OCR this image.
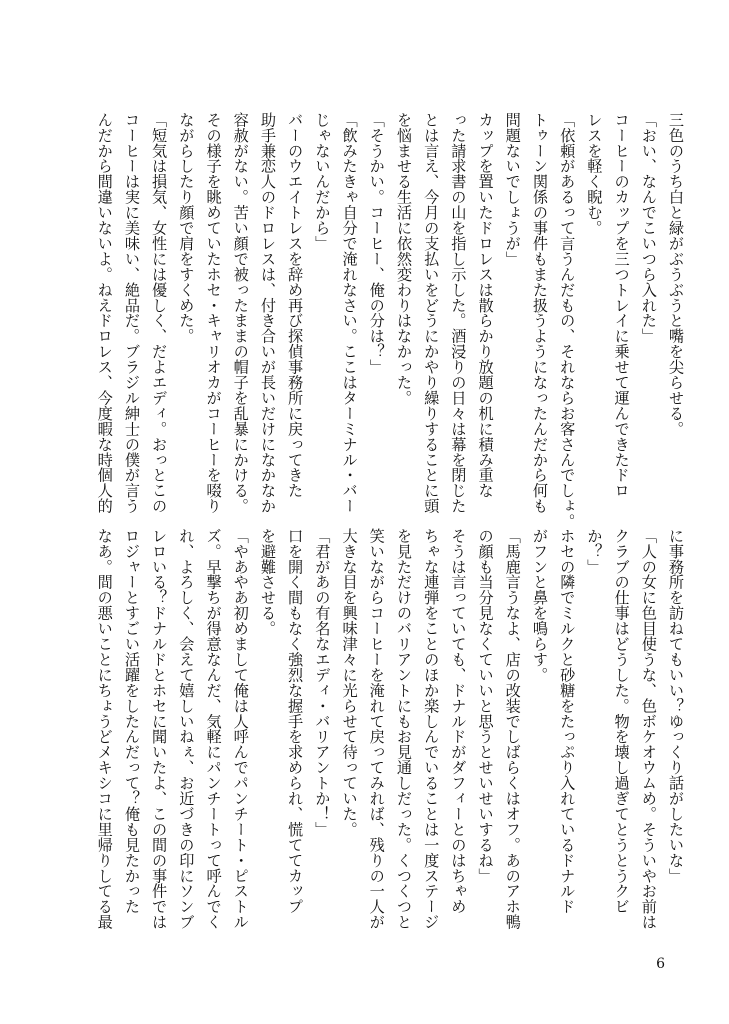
三色のうち白と緑がぶうぶうと嘴を尖らせる。
「おい、なんでこいつら入れた」
コーヒーのカップを三つトレイに乗せて運んできたドロ
レスを軽く睨む。
「依頼があるって言うんだもの、それならお客さんでしょ。
トゥーン関係の事件もまた扱うようになったんだから何も
問題ないでしょうが」
カップを置いたドロレスは散らかり放題の机に積み重な
った請求書の山を指し示した。酒浸りの日々は幕を閉じた
とは言え、今月の支払いをどうにかやり繰りすることに頭
を悩ませる生活に依然変わりはなかった。
「そうかい。コーヒー、俺の分は？」
「飲みたきゃ自分で淹れなさい。ここはターミナル・バー
じゃないんだから」
バーのウエイトレスを辞め再び探偵事務所に戻ってきた
助手兼恋人のドロレスは、付き合いが長いだけになかなか
容赦がない。苦い顔で被ったままの帽子を乱暴にかける。
その様子を眺めていたホセ・キャリオカがコーヒーを啜り
ながらしたり顔で肩をすくめた。
「短気は損気、女性には優しく、だよエディ。おっとこの
コーヒーは実に美味い、絶品だ。ブラジル紳士の僕が言う
んだから間違いないよ。ねえドロレス、今度暇な時個人的
に事務所を訪ねてもいい？ゆっくり話がしたいな」
「人の女に色目使うな、色ボケオウムめ。そういやお前は
クラブの仕事はどうした。物を壊し過ぎてとうとうクビ
か？」
ホセの隣でミルクと砂糖をたっぷり入れているドナルド
がフンと鼻を鳴らす。
「馬鹿言うなよ、店の改装でしばらくはオフ。あのアホ鴨
の顔も当分見なくていいと思うとせいせいするね」
そうは言っていても、ドナルドがダフィーとのはちゃめ
ちゃな連弾をことのほか楽しんでいることは一度ステージ
を見ただけのバリアントにもお見通しだった。くつくつと
笑いながらコーヒーを淹れて戻ってみれば、残りの一人が
大きな目を興味津々に光らせて待っていた。
「君があの有名なエディ・バリアントか！」
口を開く間もなく強烈な握手を求められ、慌ててカップ
を避難させる。
「やあやあ初めまして俺は人呼んでパンチート・ピストル
ズ。早撃ちが得意なんだ、気軽にパンチートって呼んでく
れ、よろしく、会えて嬉しいねぇ、お近づきの印にソンブ
レロいる？ドナルドとホセに聞いたよ、この間の事件では
ロジャーとすごい活躍をしたんだって？俺も見たかった
なあ。間の悪いことにちょうどメキシコに里帰りしてる最
6
